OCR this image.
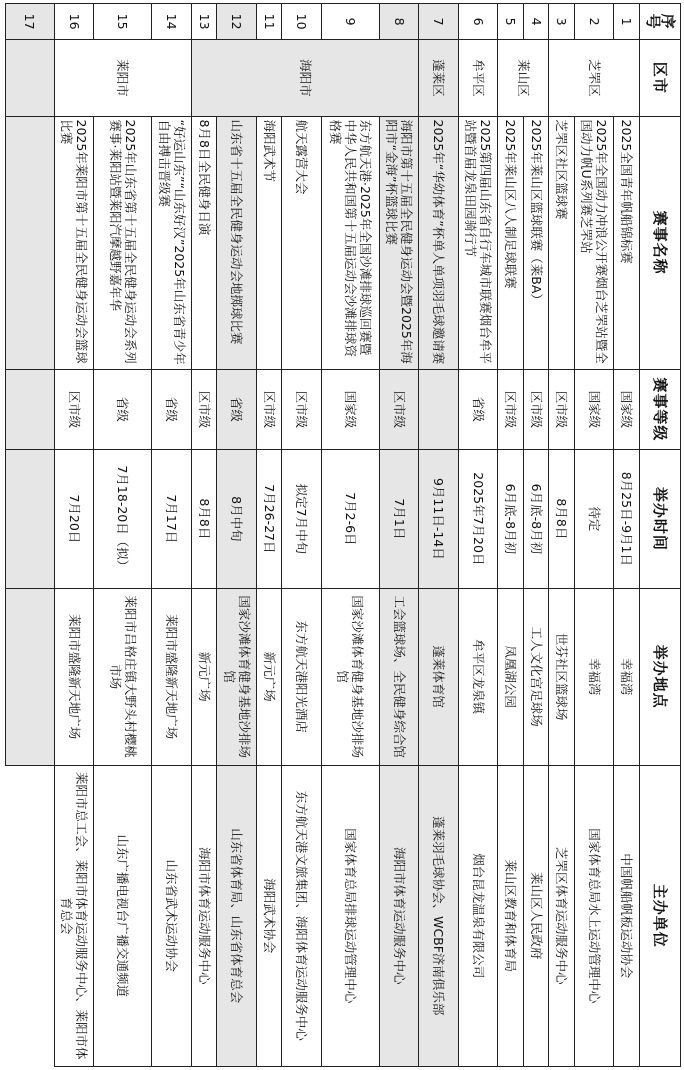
序号	区市	赛事名称	赛事等级	举办时间	举办地点	主办单位
1	芝罘区	2025全国青年帆船锦标赛	国家级	8月25日-9月1日	幸福湾	中国帆船帆板运动协会
2		2025年全国动力冲浪公开赛烟台芝罘站暨全国动力帆U系列赛芝罘站	国家级	待定	幸福湾	国家体育总局水上运动管理中心
3		芝罘区社区篮球赛	区市级	8月8日	世芬社区篮球场	芝罘区体育运动服务中心
4	莱山区	2025年莱山区篮球联赛（莱BA）	区市级	6月底-8月初	工人文化宫足球场	莱山区人民政府
5		2025年莱山区八人制足球联赛	区市级	6月底-8月初	凤凰湖公园	莱山区教育和体育局
6	牟平区	2025第四届山东省自行车城市联赛烟台牟平站暨首届龙泉田园骑行节	省级	2025年7月20日	牟平区龙泉镇	烟台昆龙温泉有限公司
7	蓬莱区	2025年“华幼体育”杯单人单项羽毛球邀请赛		9月11日-14日	蓬莱体育馆	蓬莱羽毛球协会、WCBF济南俱乐部
8	海阳市	海阳市第十五届全民健身运动会暨2025年海阳市“金海”杯篮球比赛	区市级	7月1日	工会篮球场、全民健身综合馆	海阳市体育运动服务中心
9		东方航天港·2025年全国沙滩排球巡回赛暨中华人民共和国第十五届运动会沙滩排球资格赛	国家级	7月2-6日	国家沙滩体育健身基地沙排场馆	国家体育总局排球运动管理中心
10		航天露营大会	区市级	拟定7月中旬	东方航天港阳光酒店	东方航天港文旅集团、海阳体育运动服务中心
11		海阳武术节	区市级	7月26-27日	新元广场	海阳武术协会
12		山东省十五届全民健身运动会地掷球比赛	省级	8月中旬	国家沙滩体育健身基地沙排场馆	山东省体育局、山东省体育总会
13		8月8日全民健身日演	区市级	8月8日	新元广场	海阳市体育运动服务中心
14	莱阳市	“好运山东”“山东好汉”2025年山东省青少年自由搏击晋级赛	省级	7月17日	莱阳市盛隆新天地广场	山东省武术运动协会
15		2025年山东省第十五届全民健身运动会系列赛事·莱阳站暨莱阳汽摩越野嘉年华	省级	7月18-20日（拟）	莱阳市吕格庄镇大野头村樱桃市场	山东广播电视台广播交通频道
16		2025年莱阳市第十五届全民健身运动会篮球比赛	区市级	7月20日	莱阳市盛隆新天地广场	莱阳市总工会、莱阳市体育运动服务中心、莱阳市体育总会
17						
